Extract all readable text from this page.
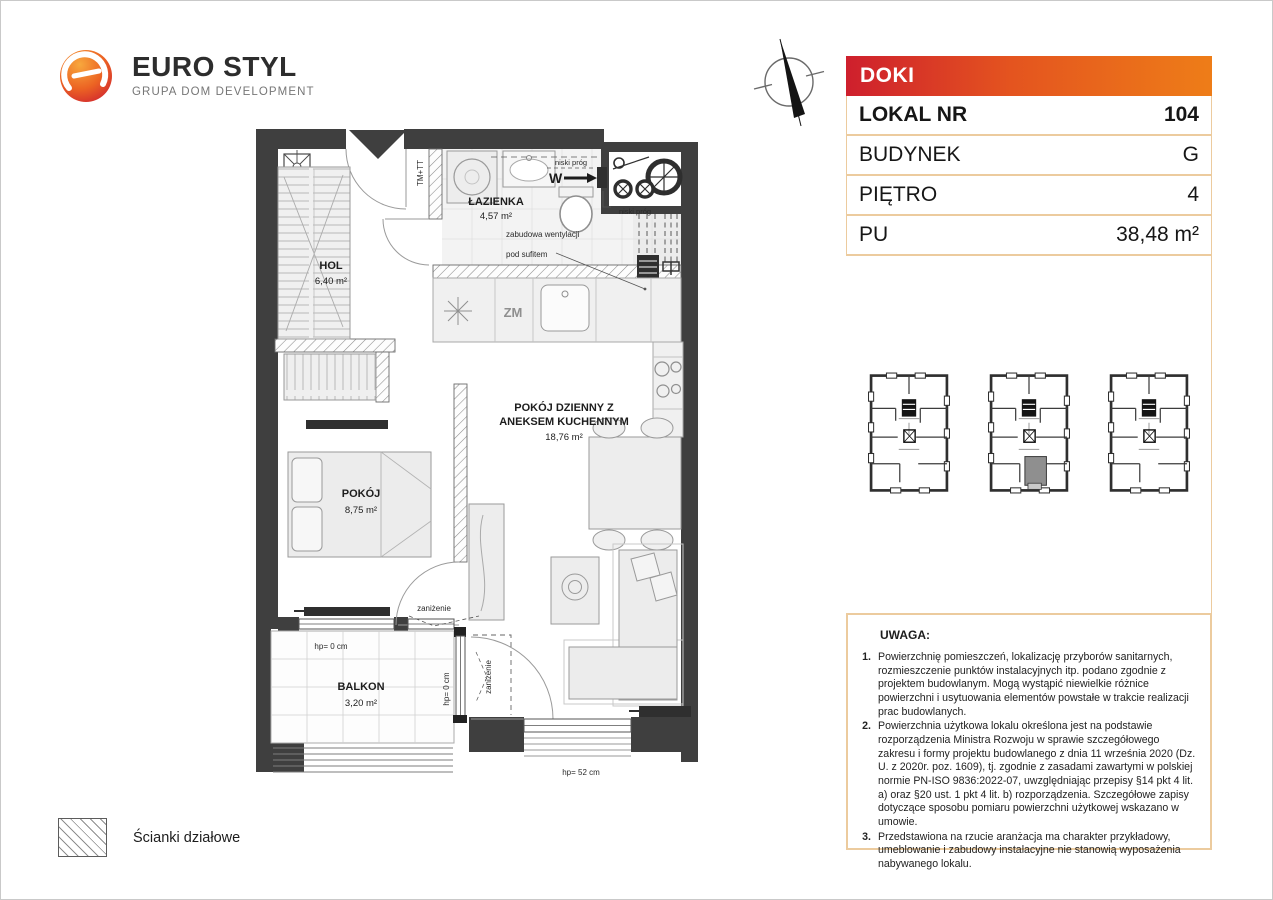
EURO STYL
GRUPA DOM DEVELOPMENT
DOKI
LOKAL NR	104
BUDYNEK	G
PIĘTRO	4
PU	38,48 m²
UWAGA:
1. Powierzchnię pomieszczeń, lokalizację przyborów sanitarnych, rozmieszczenie punktów instalacyjnych itp. podano zgodnie z projektem budowlanym. Mogą wystąpić niewielkie różnice powierzchni i usytuowania elementów powstałe w trakcie realizacji prac budowlanych.
2. Powierzchnia użytkowa lokalu określona jest na podstawie rozporządzenia Ministra Rozwoju w sprawie szczegółowego zakresu i formy projektu budowlanego z dnia 11 września 2020 (Dz. U. z 2020r. poz. 1609), tj. zgodnie z zasadami zawartymi w polskiej normie PN-ISO 9836:2022-07, uwzględniając przepisy §14 pkt 4 lit. a) oraz §20 ust. 1 pkt 4 lit. b) rozporządzenia. Szczegółowe zapisy dotyczące sposobu pomiaru powierzchni użytkowej wskazano w umowie.
3. Przedstawiona na rzucie aranżacja ma charakter przykładowy, umeblowanie i zabudowy instalacyjne nie stanowią wyposażenia nabywanego lokalu.
Ścianki działowe
W
ZM
TM+TT
ŁAZIENKA
4,57 m²
HOL
6,40 m²
POKÓJ DZIENNY Z
ANEKSEM KUCHENNYM
18,76 m²
POKÓJ
8,75 m²
BALKON
3,20 m²
niski próg
niski próg
zabudowa wentylacji
pod sufitem
zaniżenie
hp= 0 cm
hp= 0 cm	zaniżenie
hp= 52 cm
